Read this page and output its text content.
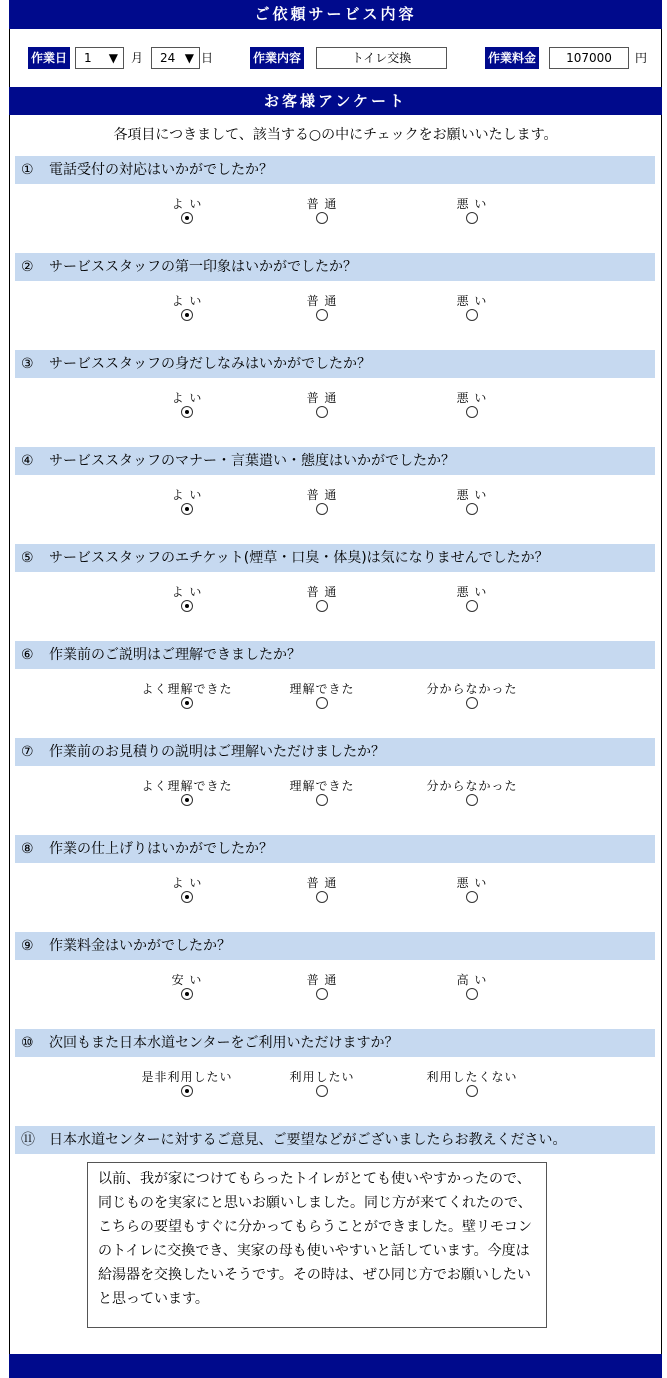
ご依頼サービス内容
作業日	1 ▼ 月	24 ▼ 日	作業内容	トイレ交換	作業料金	107000	円
お客様アンケート
各項目につきまして、該当する○の中にチェックをお願いいたします。
① 電話受付の対応はいかがでしたか？
よ い	普 通	悪 い
② サービススタッフの第一印象はいかがでしたか？
よ い	普 通	悪 い
③ サービススタッフの身だしなみはいかがでしたか？
よ い	普 通	悪 い
④ サービススタッフのマナー・言葉遣い・態度はいかがでしたか？
よ い	普 通	悪 い
⑤ サービススタッフのエチケット(煙草・口臭・体臭)は気になりませんでしたか？
よ い	普 通	悪 い
⑥ 作業前のご説明はご理解できましたか？
よく理解できた	理解できた	分からなかった
⑦ 作業前のお見積りの説明はご理解いただけましたか？
よく理解できた	理解できた	分からなかった
⑧ 作業の仕上げりはいかがでしたか？
よ い	普 通	悪 い
⑨ 作業料金はいかがでしたか？
安 い	普 通	高 い
⑩ 次回もまた日本水道センターをご利用いただけますか？
是非利用したい	利用したい	利用したくない
⑪ 日本水道センターに対するご意見、ご要望などがございましたらお教えください。
以前、我が家につけてもらったトイレがとても使いやすかったので、同じものを実家にと思いお願いしました。同じ方が来てくれたので、こちらの要望もすぐに分かってもらうことができました。壁リモコンのトイレに交換でき、実家の母も使いやすいと話しています。今度は給湯器を交換したいそうです。その時は、ぜひ同じ方でお願いしたいと思っています。
